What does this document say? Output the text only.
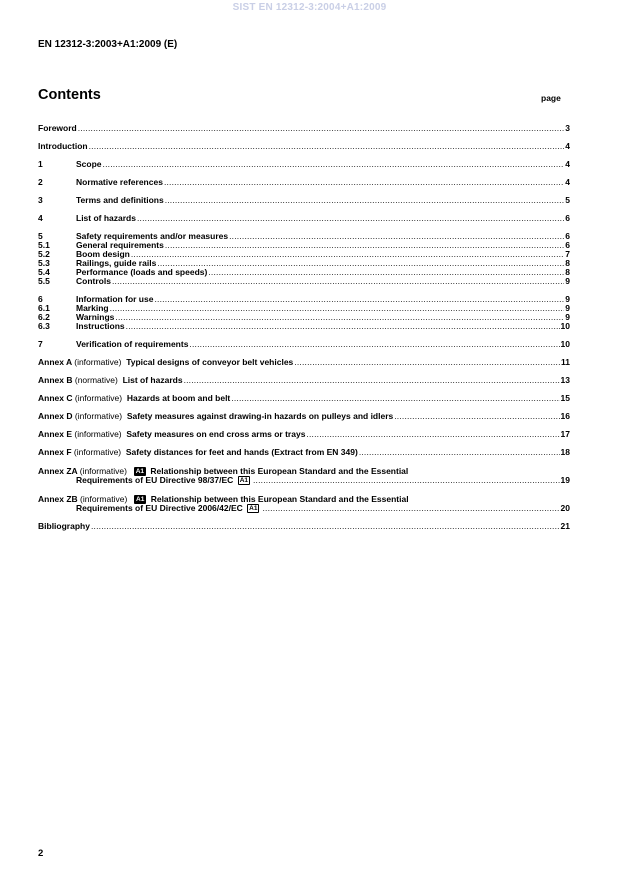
SIST EN 12312-3:2004+A1:2009
EN 12312-3:2003+A1:2009 (E)
Contents	page
Foreword .....	3
Introduction .....	4
1	Scope .....	4
2	Normative references .....	4
3	Terms and definitions .....	5
4	List of hazards .....	6
5	Safety requirements and/or measures .....	6
5.1	General requirements .....	6
5.2	Boom design .....	7
5.3	Railings, guide rails .....	8
5.4	Performance (loads and speeds) .....	8
5.5	Controls .....	9
6	Information for use .....	9
6.1	Marking .....	9
6.2	Warnings .....	9
6.3	Instructions .....	10
7	Verification of requirements .....	10
Annex A (informative) Typical designs of conveyor belt vehicles .....	11
Annex B (normative) List of hazards .....	13
Annex C (informative) Hazards at boom and belt .....	15
Annex D (informative) Safety measures against drawing-in hazards on pulleys and idlers .....	16
Annex E (informative) Safety measures on end cross arms or trays .....	17
Annex F (informative) Safety distances for feet and hands (Extract from EN 349) .....	18
Annex ZA (informative) A1 Relationship between this European Standard and the Essential
Requirements of EU Directive 98/37/EC A1 .....	19
Annex ZB (informative) A1 Relationship between this European Standard and the Essential
Requirements of EU Directive 2006/42/EC A1 .....	20
Bibliography .....	21
2
